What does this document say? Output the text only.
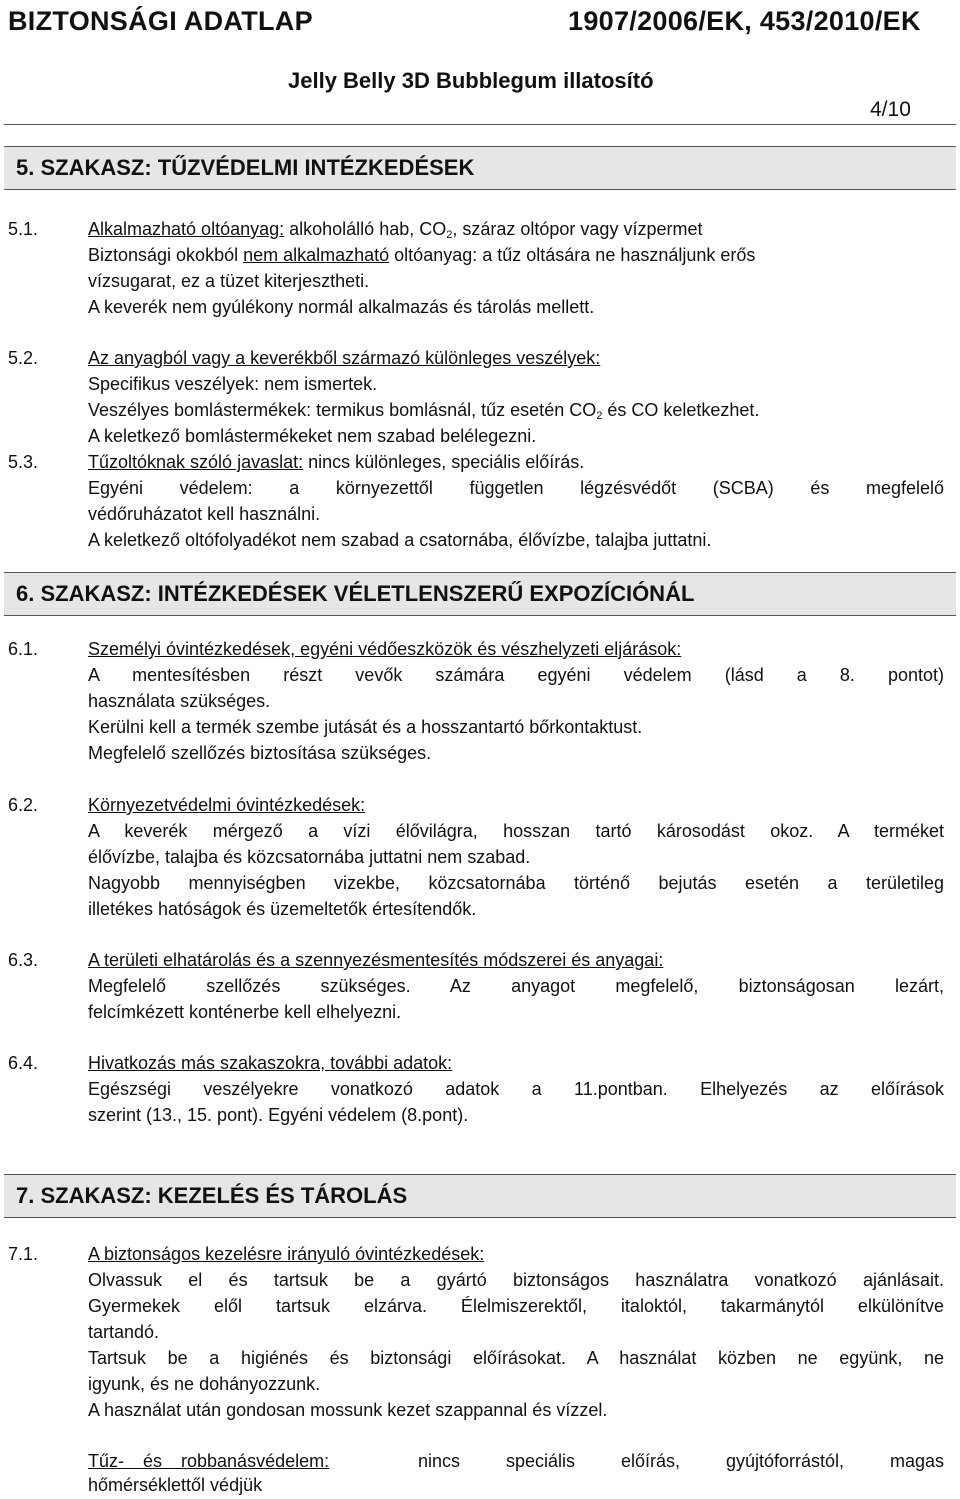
BIZTONSÁGI ADATLAP	1907/2006/EK, 453/2010/EK
Jelly Belly 3D Bubblegum illatosító
4/10
5. SZAKASZ: TŰZVÉDELMI INTÉZKEDÉSEK
5.1.	Alkalmazható oltóanyag: alkoholálló hab, $CO_2$, száraz oltópor vagy vízpermet
Biztonsági okokból nem alkalmazható oltóanyag: a tűz oltására ne használjunk erős
vízsugarat, ez a tüzet kiterjesztheti.
A keverék nem gyúlékony normál alkalmazás és tárolás mellett.
5.2.	Az anyagból vagy a keverékből származó különleges veszélyek:
Specifikus veszélyek: nem ismertek.
Veszélyes bomlástermékek: termikus bomlásnál, tűz esetén $CO_2$ és CO keletkezhet.
A keletkező bomlástermékeket nem szabad belélegezni.
5.3.	Tűzoltóknak szóló javaslat: nincs különleges, speciális előírás.
Egyéni védelem: a környezettől független légzésvédőt (SCBA) és megfelelő
védőruházatot kell használni.
A keletkező oltófolyadékot nem szabad a csatornába, élővízbe, talajba juttatni.
6. SZAKASZ: INTÉZKEDÉSEK VÉLETLENSZERŰ EXPOZÍCIÓNÁL
6.1.	Személyi óvintézkedések, egyéni védőeszközök és vészhelyzeti eljárások:
A mentesítésben részt vevők számára egyéni védelem (lásd a 8. pontot)
használata szükséges.
Kerülni kell a termék szembe jutását és a hosszantartó bőrkontaktust.
Megfelelő szellőzés biztosítása szükséges.
6.2.	Környezetvédelmi óvintézkedések:
A keverék mérgező a vízi élővilágra, hosszan tartó károsodást okoz. A terméket
élővízbe, talajba és közcsatornába juttatni nem szabad.
Nagyobb mennyiségben vizekbe, közcsatornába történő bejutás esetén a területileg
illetékes hatóságok és üzemeltetők értesítendők.
6.3.	A területi elhatárolás és a szennyezésmentesítés módszerei és anyagai:
Megfelelő szellőzés szükséges. Az anyagot megfelelő, biztonságosan lezárt,
felcímkézett konténerbe kell elhelyezni.
6.4.	Hivatkozás más szakaszokra, további adatok:
Egészségi veszélyekre vonatkozó adatok a 11.pontban. Elhelyezés az előírások
szerint (13., 15. pont). Egyéni védelem (8.pont).
7. SZAKASZ: KEZELÉS ÉS TÁROLÁS
7.1.	A biztonságos kezelésre irányuló óvintézkedések:
Olvassuk el és tartsuk be a gyártó biztonságos használatra vonatkozó ajánlásait.
Gyermekek elől tartsuk elzárva. Élelmiszerektől, italoktól, takarmánytól elkülönítve
tartandó.
Tartsuk be a higiénés és biztonsági előírásokat. A használat közben ne együnk, ne
igyunk, és ne dohányozzunk.
A használat után gondosan mossunk kezet szappannal és vízzel.
Tűz- és robbanásvédelem:	nincs speciális előírás, gyújtóforrástól, magas
hőmérséklettől védjük
